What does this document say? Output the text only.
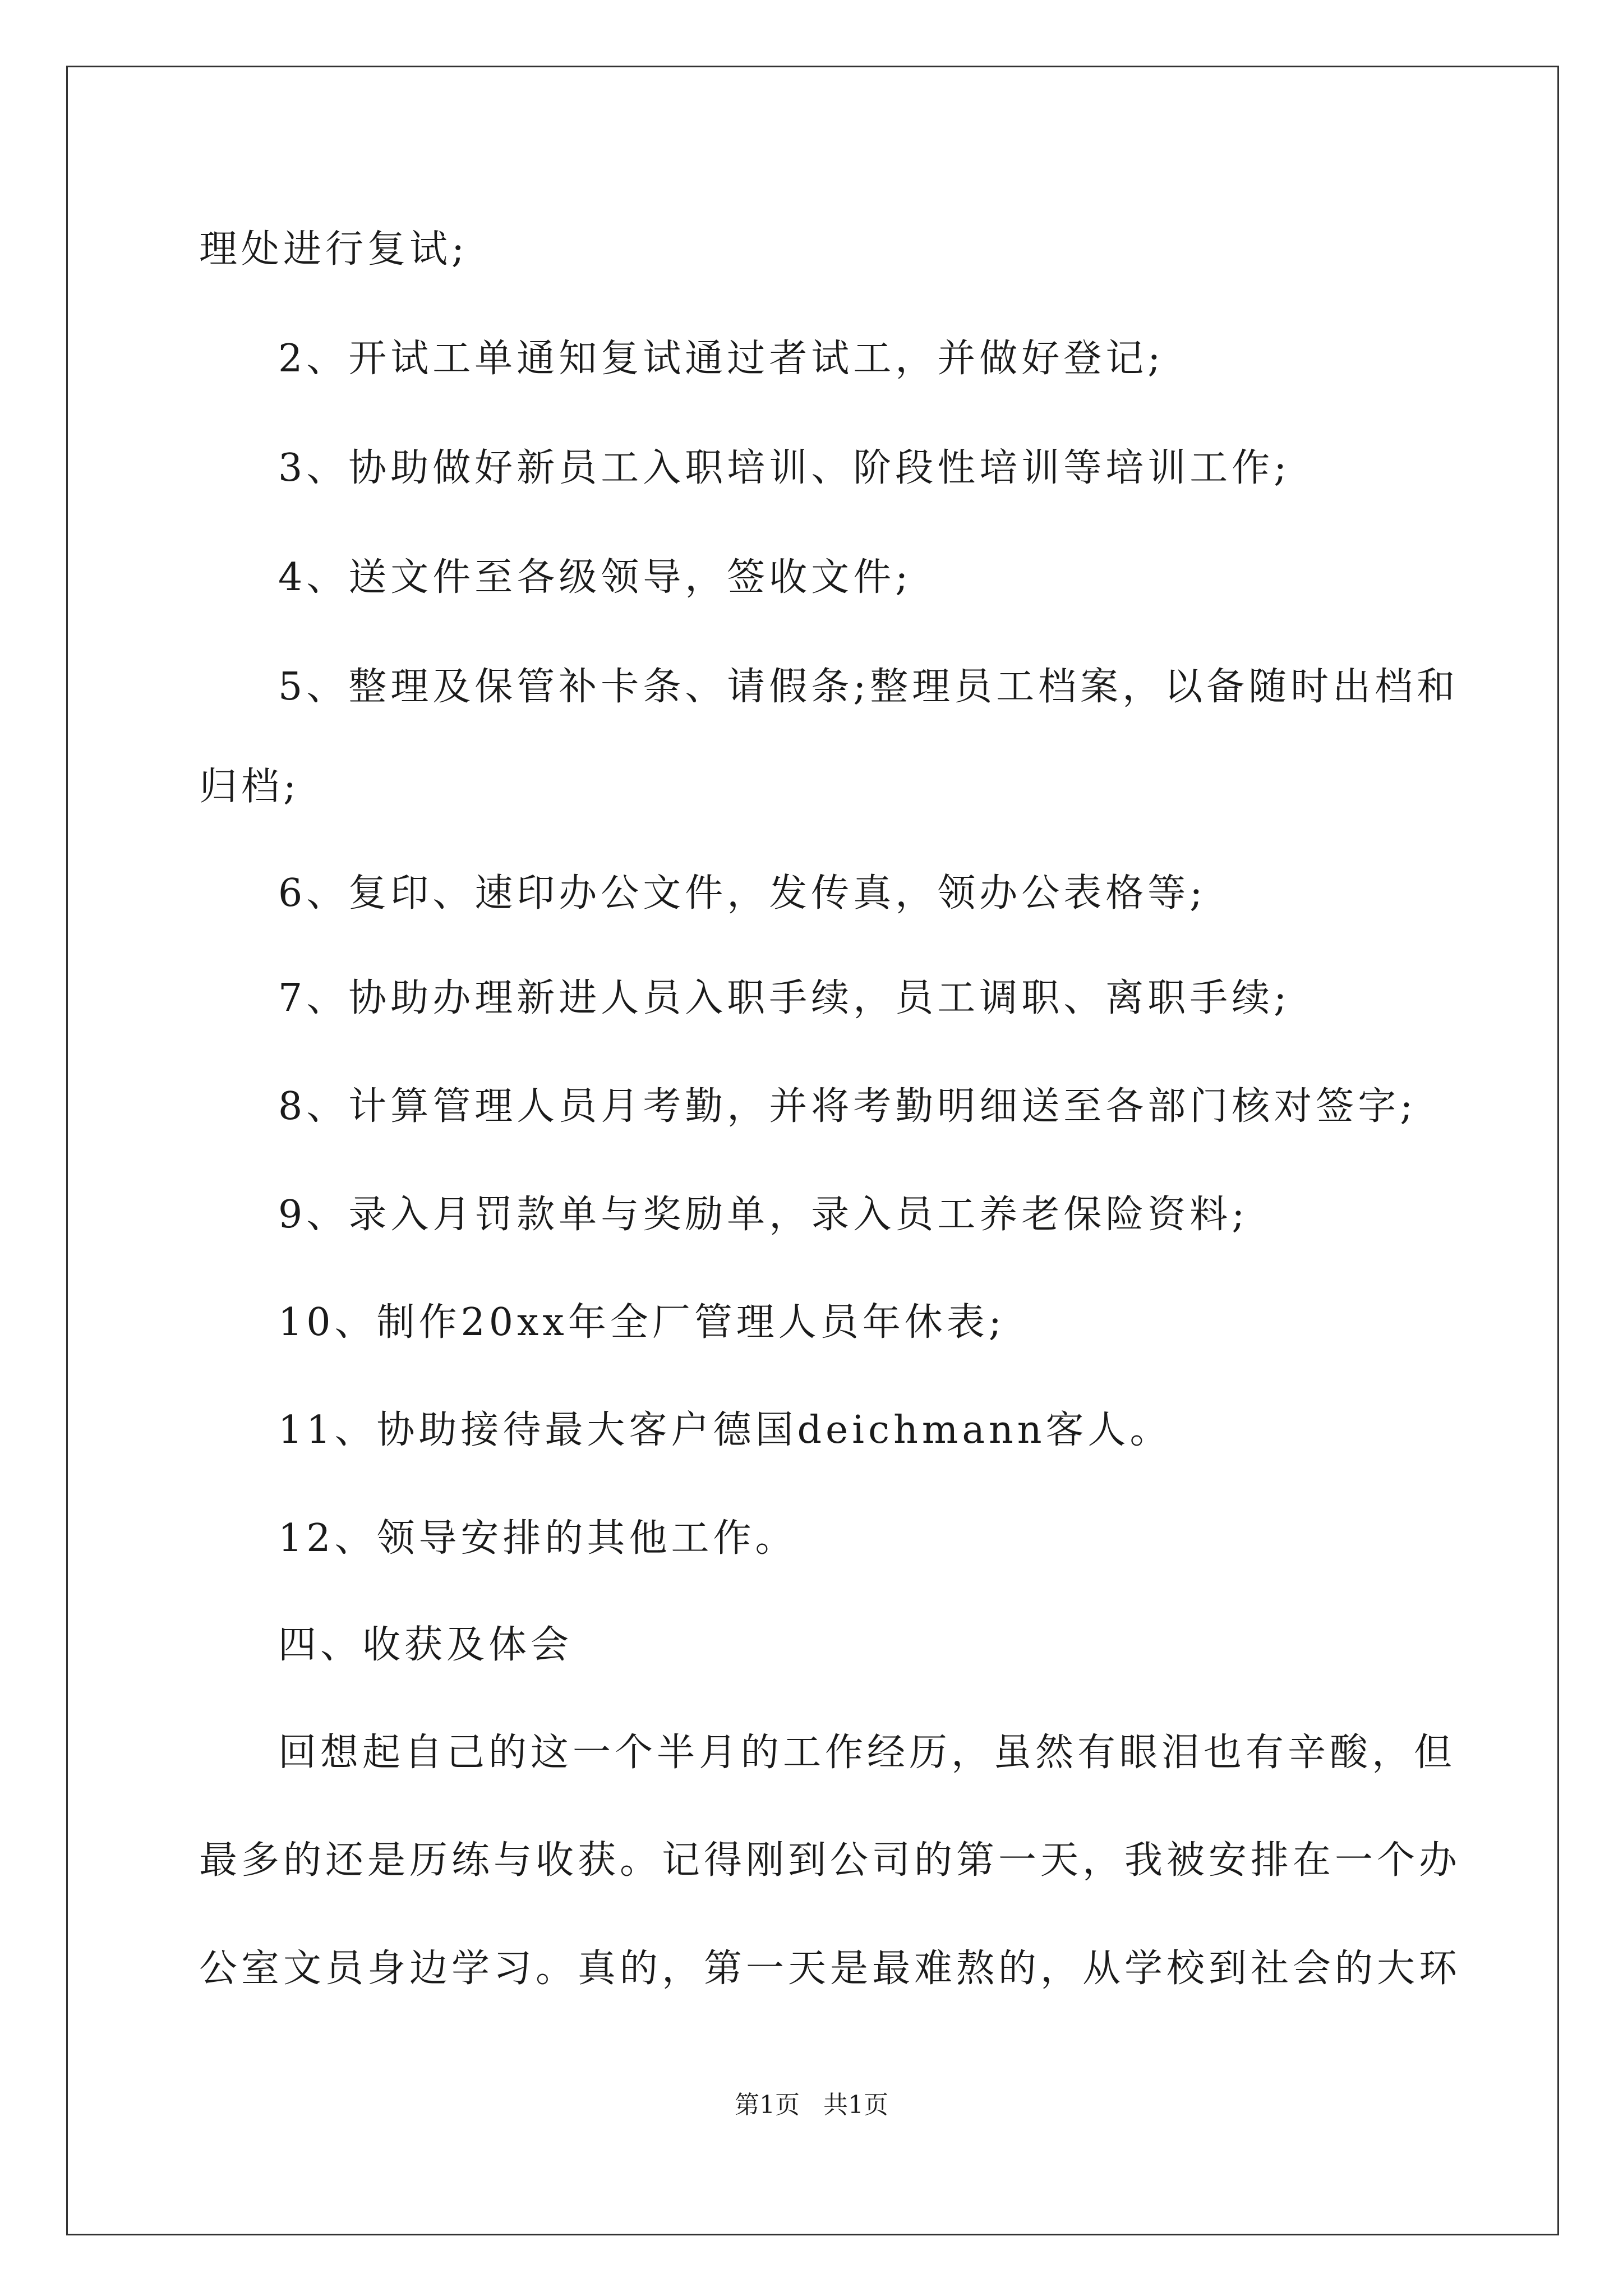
理处进行复试;
2、开试工单通知复试通过者试工，并做好登记;
3、协助做好新员工入职培训、阶段性培训等培训工作;
4、送文件至各级领导，签收文件;
5、整理及保管补卡条、请假条;整理员工档案，以备随时出档和
归档;
6、复印、速印办公文件，发传真，领办公表格等;
7、协助办理新进人员入职手续，员工调职、离职手续;
8、计算管理人员月考勤，并将考勤明细送至各部门核对签字;
9、录入月罚款单与奖励单，录入员工养老保险资料;
10、制作20xx年全厂管理人员年休表;
11、协助接待最大客户德国deichmann客人。
12、领导安排的其他工作。
四、收获及体会
回想起自己的这一个半月的工作经历，虽然有眼泪也有辛酸，但
最多的还是历练与收获。记得刚到公司的第一天，我被安排在一个办
公室文员身边学习。真的，第一天是最难熬的，从学校到社会的大环
第1页   共1页
